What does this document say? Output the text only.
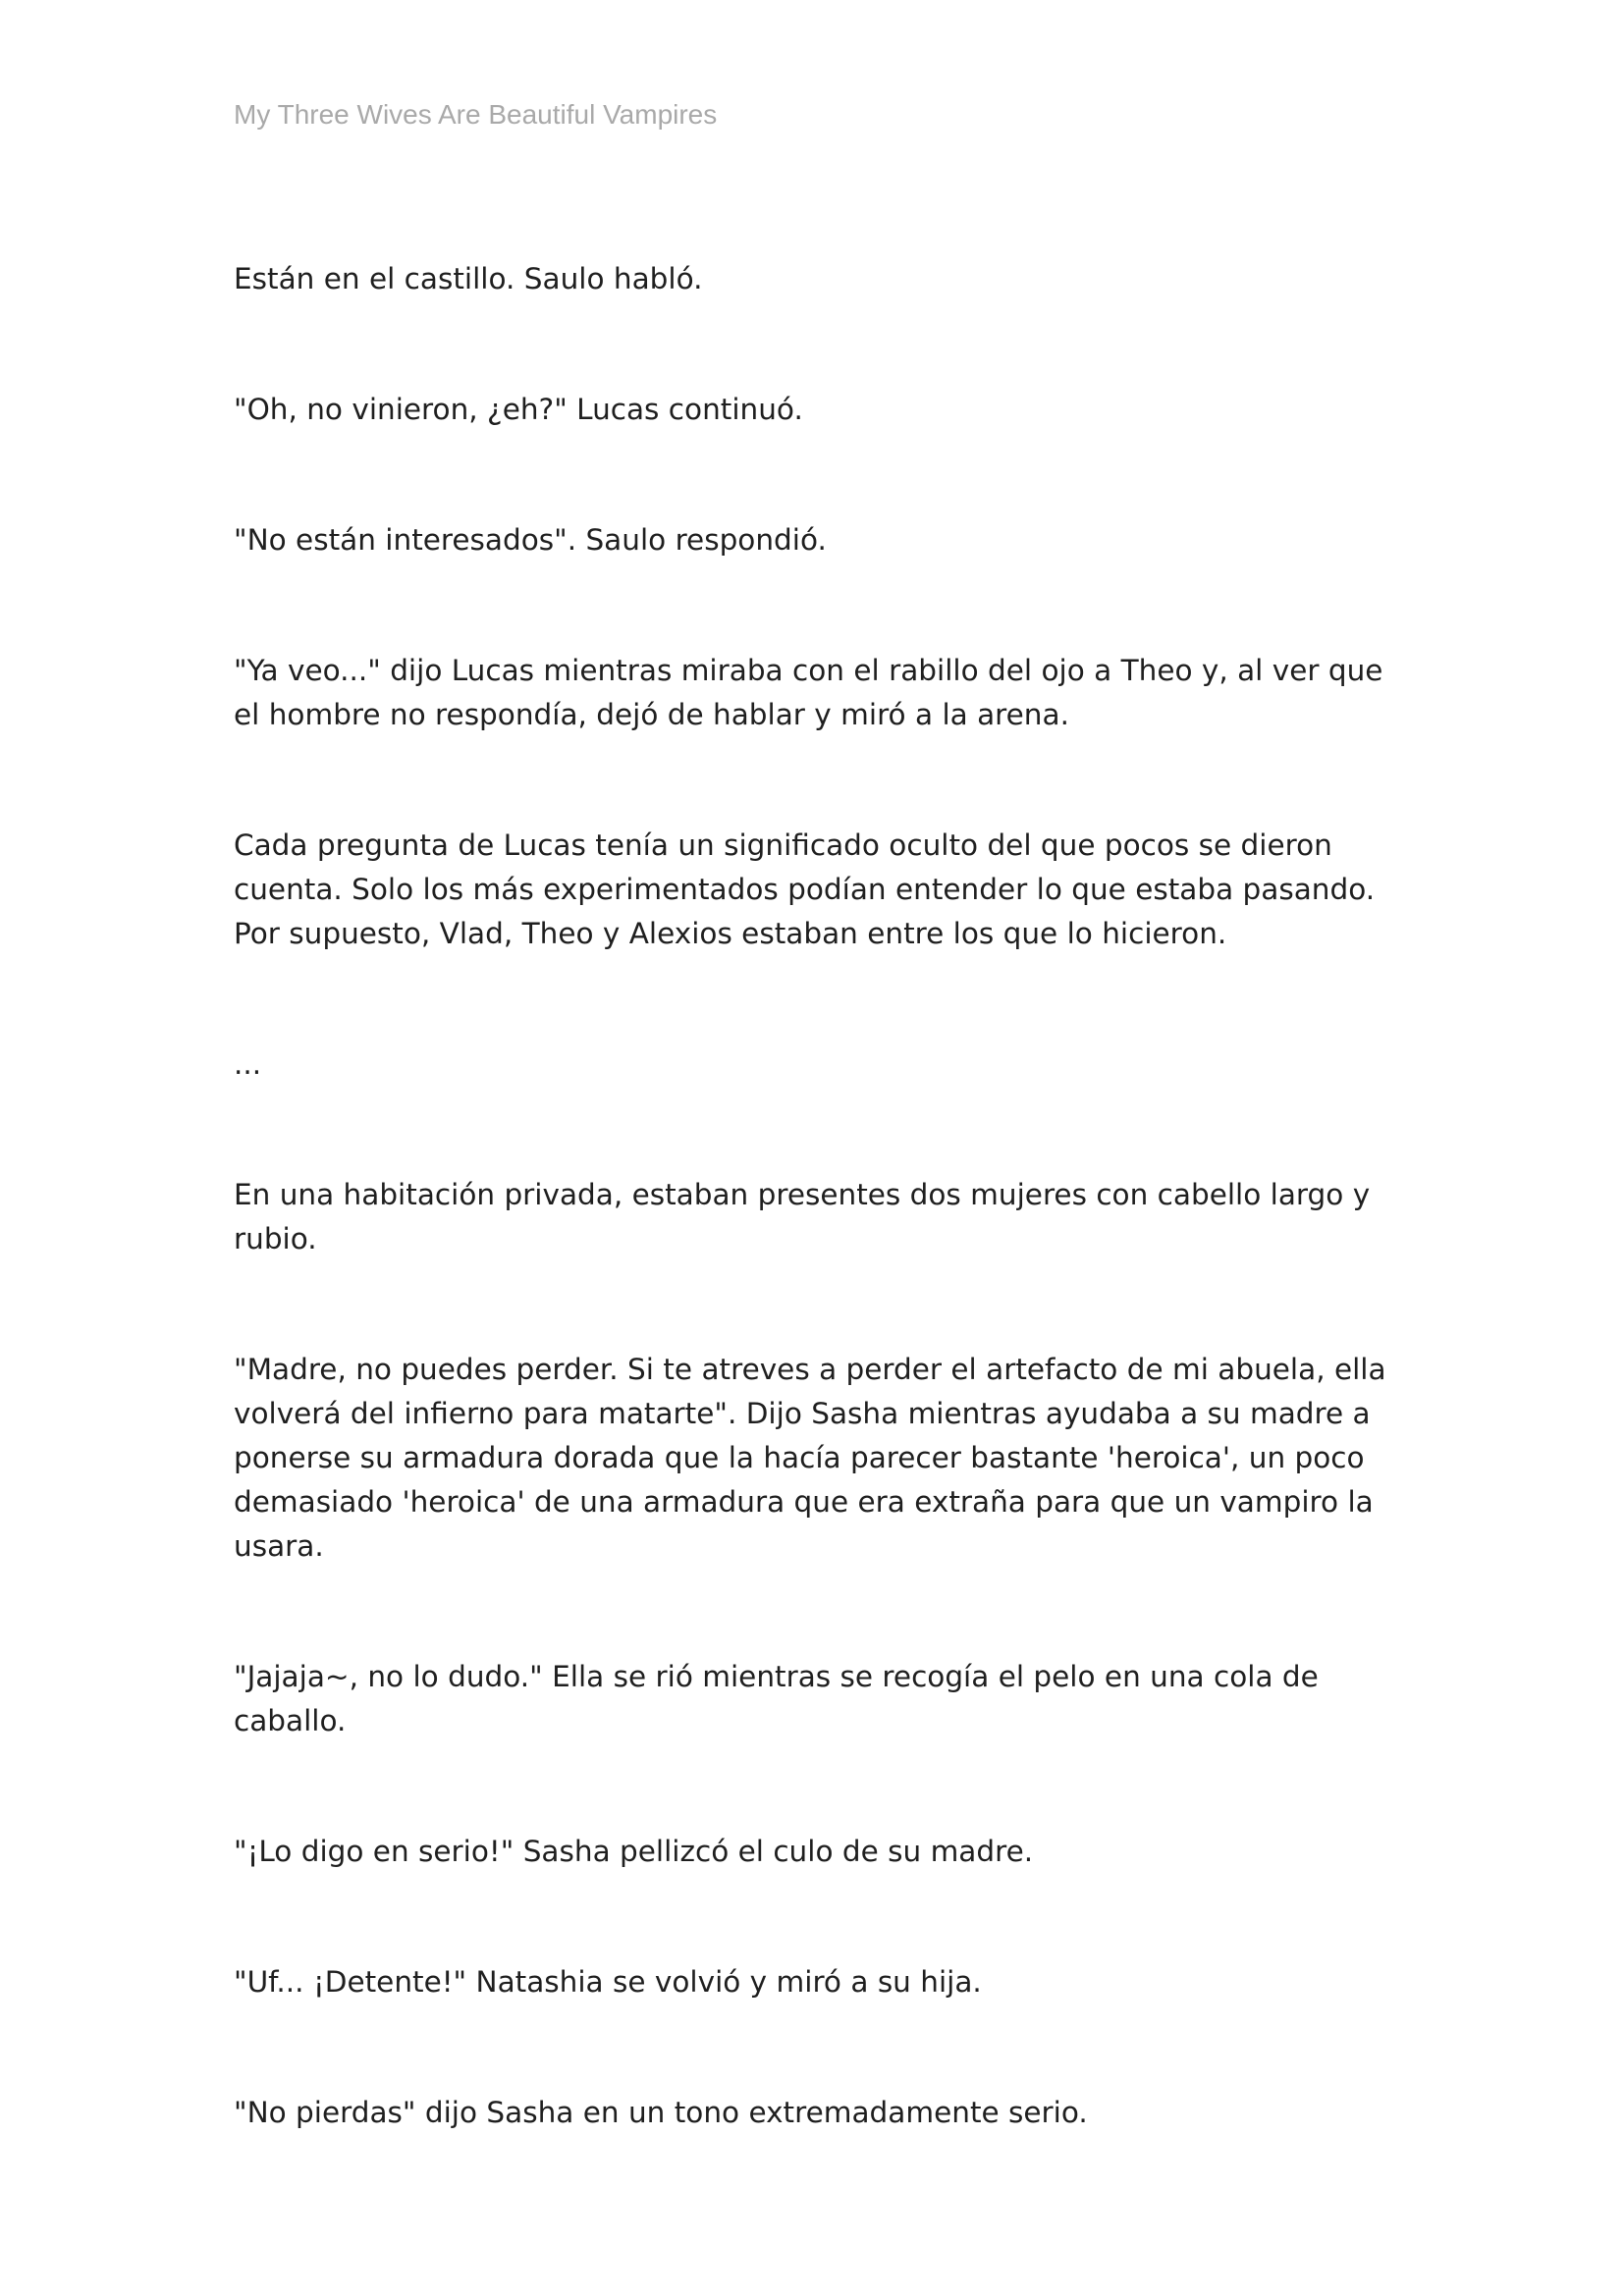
My Three Wives Are Beautiful Vampires

Están en el castillo. Saulo habló.

"Oh, no vinieron, ¿eh?" Lucas continuó.

"No están interesados". Saulo respondió.

"Ya veo..." dijo Lucas mientras miraba con el rabillo del ojo a Theo y, al ver que el hombre no respondía, dejó de hablar y miró a la arena.

Cada pregunta de Lucas tenía un significado oculto del que pocos se dieron cuenta. Solo los más experimentados podían entender lo que estaba pasando. Por supuesto, Vlad, Theo y Alexios estaban entre los que lo hicieron.

...

En una habitación privada, estaban presentes dos mujeres con cabello largo y rubio.

"Madre, no puedes perder. Si te atreves a perder el artefacto de mi abuela, ella volverá del infierno para matarte". Dijo Sasha mientras ayudaba a su madre a ponerse su armadura dorada que la hacía parecer bastante 'heroica', un poco demasiado 'heroica' de una armadura que era extraña para que un vampiro la usara.

"Jajaja~, no lo dudo." Ella se rió mientras se recogía el pelo en una cola de caballo.

"¡Lo digo en serio!" Sasha pellizcó el culo de su madre.

"Uf... ¡Detente!" Natashia se volvió y miró a su hija.

"No pierdas" dijo Sasha en un tono extremadamente serio.
